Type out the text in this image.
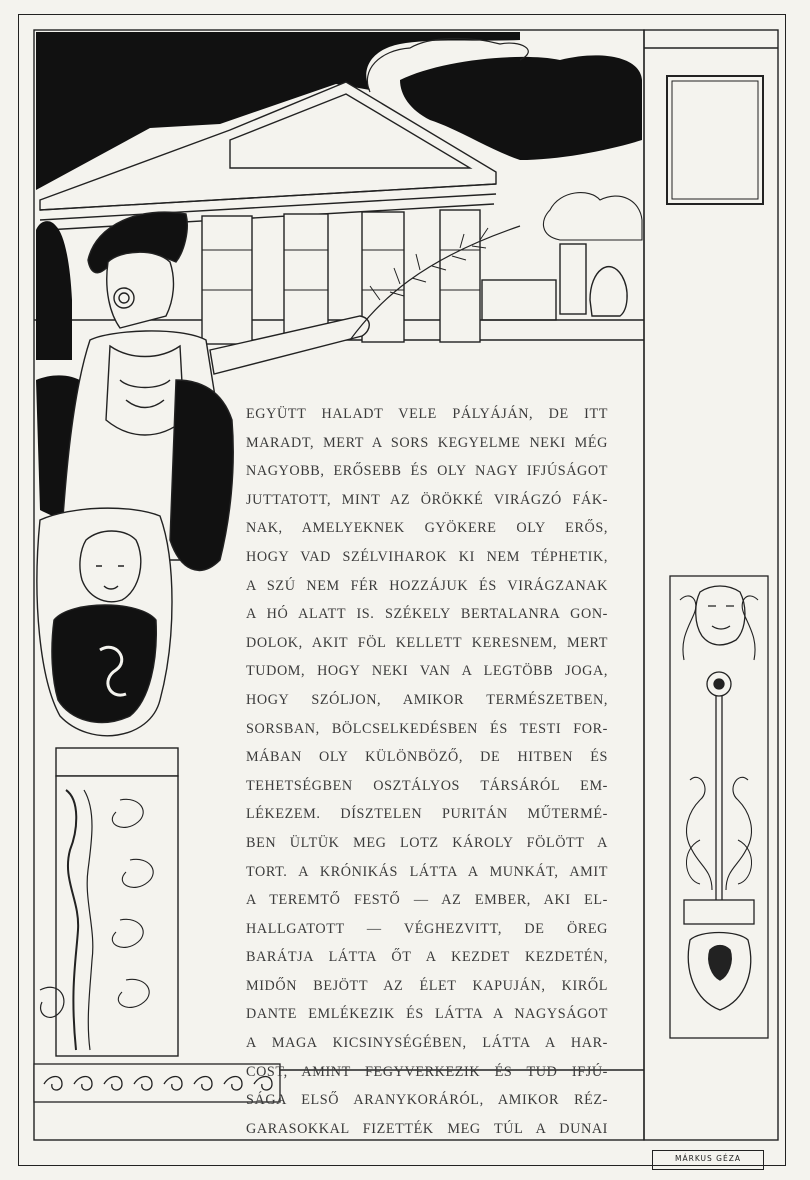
EGYÜTT HALADT VELE PÁLYÁJÁN, DE ITT
MARADT, MERT A SORS KEGYELME NEKI MÉG
NAGYOBB, ERŐSEBB ÉS OLY NAGY IFJÚSÁGOT
JUTTATOTT, MINT AZ ÖRÖKKÉ VIRÁGZÓ FÁK-
NAK, AMELYEKNEK GYÖKERE OLY ERŐS,
HOGY VAD SZÉLVIHAROK KI NEM TÉPHETIK,
A SZÚ NEM FÉR HOZZÁJUK ÉS VIRÁGZANAK
A HÓ ALATT IS. SZÉKELY BERTALANRA GON-
DOLOK, AKIT FÖL KELLETT KERESNEM, MERT
TUDOM, HOGY NEKI VAN A LEGTÖBB JOGA,
HOGY SZÓLJON, AMIKOR TERMÉSZETBEN,
SORSBAN, BÖLCSELKEDÉSBEN ÉS TESTI FOR-
MÁBAN OLY KÜLÖNBÖZŐ, DE HITBEN ÉS
TEHETSÉGBEN OSZTÁLYOS TÁRSÁRÓL EM-
LÉKEZEM. DÍSZTELEN PURITÁN MŰTERMÉ-
BEN ÜLTÜK MEG LOTZ KÁROLY FÖLÖTT A
TORT. A KRÓNIKÁS LÁTTA A MUNKÁT, AMIT
A TEREMTŐ FESTŐ — AZ EMBER, AKI EL-
HALLGATOTT — VÉGHEZVITT, DE ÖREG
BARÁTJA LÁTTA ŐT A KEZDET KEZDETÉN,
MIDŐN BEJÖTT AZ ÉLET KAPUJÁN, KIRŐL
DANTE EMLÉKEZIK ÉS LÁTTA A NAGYSÁGOT
A MAGA KICSINYSÉGÉBEN, LÁTTA A HAR-
COST, AMINT FEGYVERKEZIK ÉS TUD IFJÚ-
SÁGA ELSŐ ARANYKORÁRÓL, AMIKOR RÉZ-
GARASOKKAL FIZETTÉK MEG TÚL A DUNAI
MÁRKUS GÉZA
